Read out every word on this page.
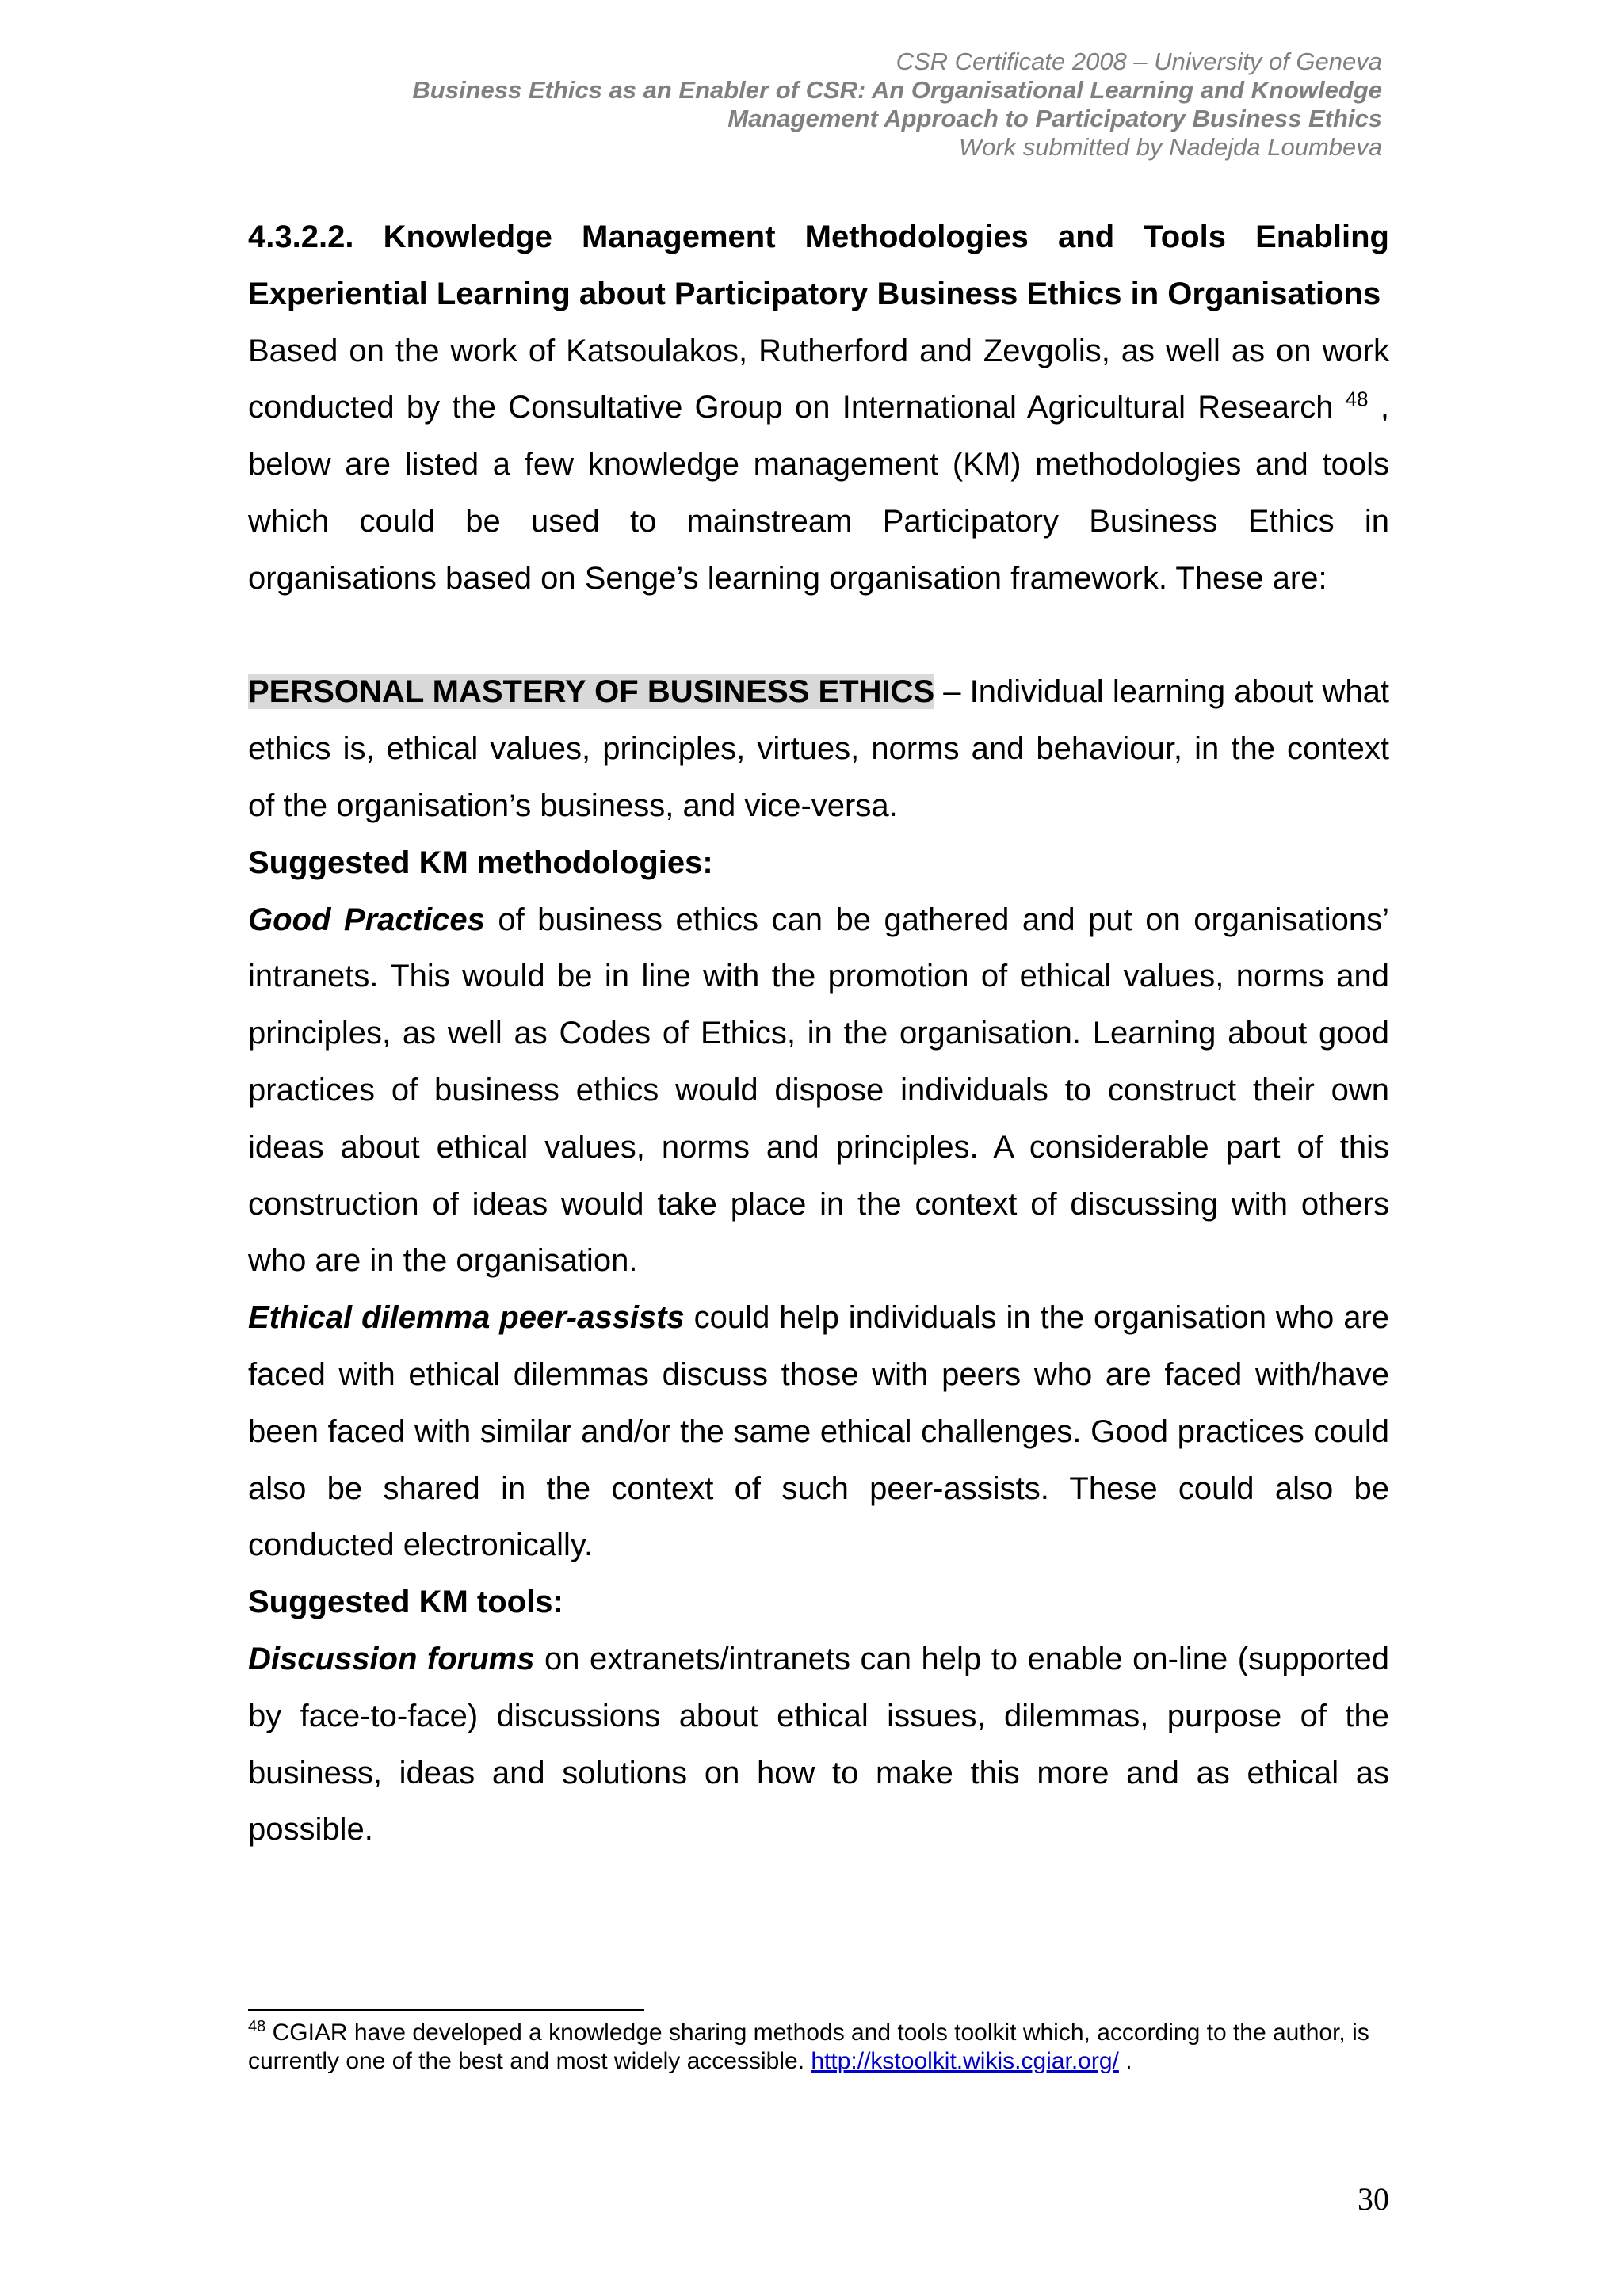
CSR Certificate 2008 – University of Geneva
Business Ethics as an Enabler of CSR: An Organisational Learning and Knowledge
Management Approach to Participatory Business Ethics
Work submitted by Nadejda Loumbeva

4.3.2.2. Knowledge Management Methodologies and Tools Enabling Experiential Learning about Participatory Business Ethics in Organisations

Based on the work of Katsoulakos, Rutherford and Zevgolis, as well as on work conducted by the Consultative Group on International Agricultural Research $^{48}$ , below are listed a few knowledge management (KM) methodologies and tools which could be used to mainstream Participatory Business Ethics in organisations based on Senge’s learning organisation framework. These are:

PERSONAL MASTERY OF BUSINESS ETHICS – Individual learning about what ethics is, ethical values, principles, virtues, norms and behaviour, in the context of the organisation’s business, and vice-versa.

Suggested KM methodologies:

Good Practices of business ethics can be gathered and put on organisations’ intranets. This would be in line with the promotion of ethical values, norms and principles, as well as Codes of Ethics, in the organisation. Learning about good practices of business ethics would dispose individuals to construct their own ideas about ethical values, norms and principles. A considerable part of this construction of ideas would take place in the context of discussing with others who are in the organisation.

Ethical dilemma peer-assists could help individuals in the organisation who are faced with ethical dilemmas discuss those with peers who are faced with/have been faced with similar and/or the same ethical challenges. Good practices could also be shared in the context of such peer-assists. These could also be conducted electronically.

Suggested KM tools:

Discussion forums on extranets/intranets can help to enable on-line (supported by face-to-face) discussions about ethical issues, dilemmas, purpose of the business, ideas and solutions on how to make this more and as ethical as possible.

$^{48}$ CGIAR have developed a knowledge sharing methods and tools toolkit which, according to the author, is currently one of the best and most widely accessible. http://kstoolkit.wikis.cgiar.org/ .
30
